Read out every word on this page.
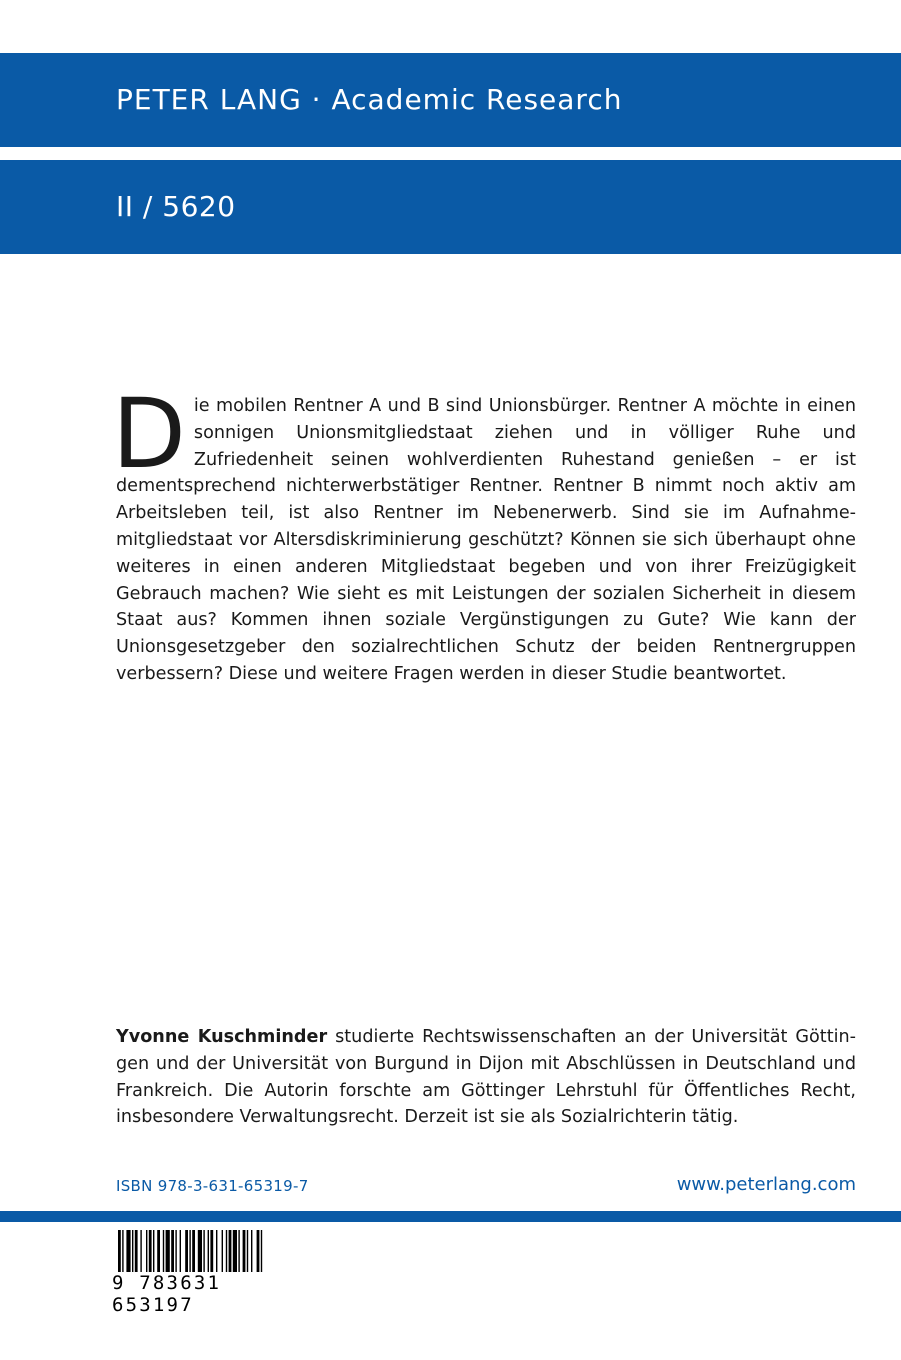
PETER LANG · Academic Research
II / 5620

Die mobilen Rentner A und B sind Unionsbürger. Rentner A möchte in einen sonnigen Unionsmitgliedstaat ziehen und in völliger Ruhe und Zufriedenheit seinen wohlverdienten Ruhestand genießen – er ist dementsprechend nichterwerbstätiger Rentner. Rentner B nimmt noch aktiv am Arbeitsleben teil, ist also Rentner im Nebenerwerb. Sind sie im Aufnahmemitgliedstaat vor Altersdiskriminierung geschützt? Können sie sich überhaupt ohne weiteres in einen anderen Mitgliedstaat begeben und von ihrer Freizügigkeit Gebrauch machen? Wie sieht es mit Leistungen der sozialen Sicherheit in diesem Staat aus? Kommen ihnen soziale Vergünstigungen zu Gute? Wie kann der Unionsgesetzgeber den sozialrechtlichen Schutz der beiden Rentnergruppen verbessern? Diese und weitere Fragen werden in dieser Studie beantwortet.

Yvonne Kuschminder studierte Rechtswissenschaften an der Universität Göttingen und der Universität von Burgund in Dijon mit Abschlüssen in Deutschland und Frankreich. Die Autorin forschte am Göttinger Lehrstuhl für Öffentliches Recht, insbesondere Verwaltungsrecht. Derzeit ist sie als Sozialrichterin tätig.

ISBN 978-3-631-65319-7	www.peterlang.com
9 783631 653197
